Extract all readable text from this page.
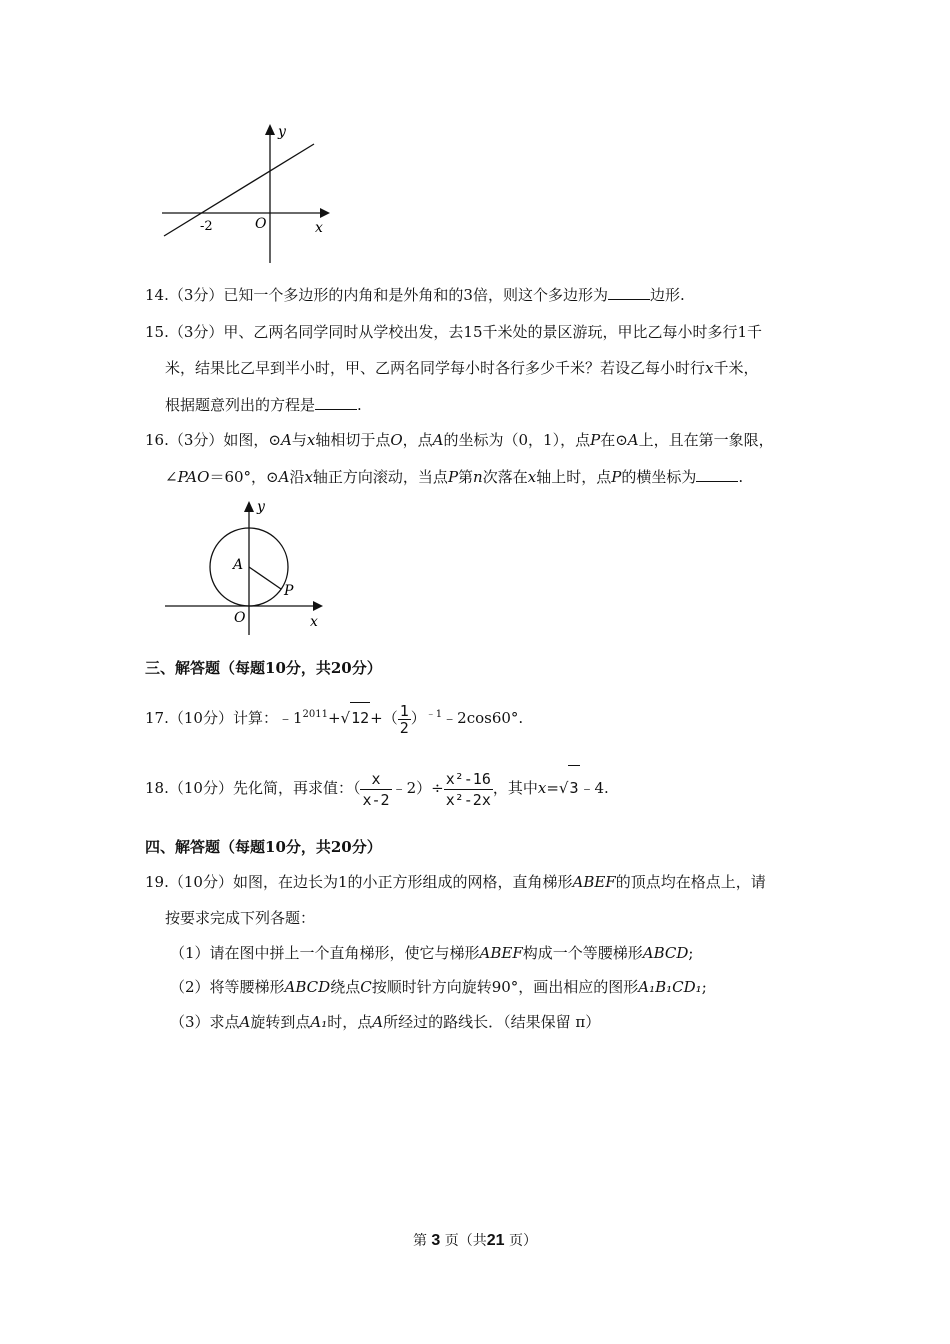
y
x
O
-2
14.（3分）已知一个多边形的内角和是外角和的3倍，则这个多边形为	边形.
15.（3分）甲、乙两名同学同时从学校出发，去15千米处的景区游玩，甲比乙每小时多行1千
米，结果比乙早到半小时，甲、乙两名同学每小时各行多少千米？若设乙每小时行x千米，
根据题意列出的方程是	.
16.（3分）如图，⊙A与x轴相切于点O，点A的坐标为（0，1），点P在⊙A上，且在第一象限，
∠PAO＝60°，⊙A沿x轴正方向滚动，当点P第n次落在x轴上时，点P的横坐标为	.
y
x
O
A
P
三、解答题（每题10分，共20分）
17.（10分）计算：$﹣1^{2011}+√12+( \frac{1}{2}$ ）$^{﹣1}$﹣2cos60°.
18.（10分）先化简，再求值：（ $\frac{x}{x-2}$ ﹣2）÷ $\frac{\text{x²-16}}{\text{x²-2x}}$ ，其中x=√3﹣4.
四、解答题（每题10分，共20分）
19.（10分）如图，在边长为1的小正方形组成的网格，直角梯形ABEF的顶点均在格点上，请
按要求完成下列各题：
（1）请在图中拼上一个直角梯形，使它与梯形ABEF构成一个等腰梯形ABCD;
（2）将等腰梯形ABCD绕点C按顺时针方向旋转90°，画出相应的图形A₁B₁CD₁;
（3）求点A旋转到点A₁时，点A所经过的路线长．（结果保留 π）
第 3 页（共21 页）
